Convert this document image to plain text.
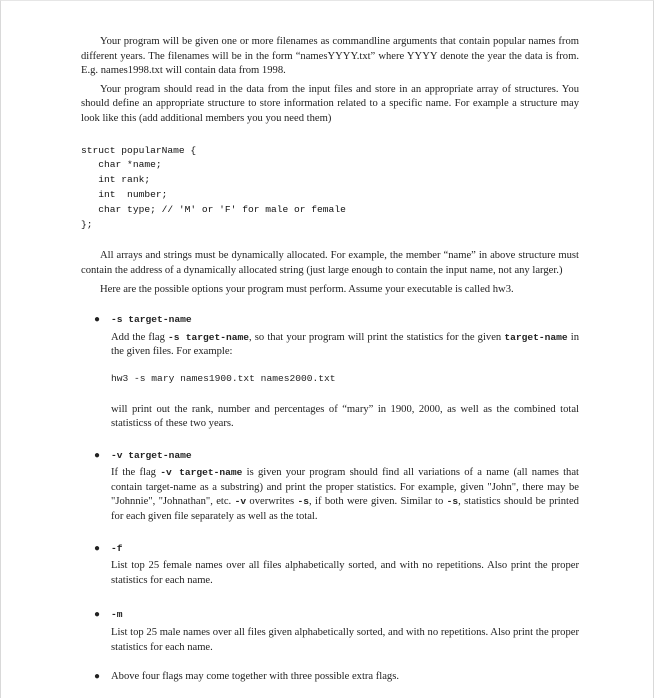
Your program will be given one or more filenames as commandline arguments that contain popular names from different years. The filenames will be in the form “namesYYYY.txt” where YYYY denote the year the data is from. E.g. names1998.txt will contain data from 1998.

Your program should read in the data from the input files and store in an appropriate array of structures. You should define an appropriate structure to store information related to a specific name. For example a structure may look like this (add additional members you you need them)

struct popularName {
char *name;
int rank;
int  number;
char type; // 'M' or 'F' for male or female
};

All arrays and strings must be dynamically allocated. For example, the member “name” in above structure must contain the address of a dynamically allocated string (just large enough to contain the input name, not any larger.)

Here are the possible options your program must perform. Assume your executable is called hw3.

● -s target-name

Add the flag -s target-name, so that your program will print the statistics for the given target-name in the given files. For example:

hw3 -s mary names1900.txt names2000.txt

will print out the rank, number and percentages of “mary” in 1900, 2000, as well as the combined total statisticss of these two years.

● -v target-name

If the flag -v target-name is given your program should find all variations of a name (all names that contain target-name as a substring) and print the proper statistics. For example, given "John", there may be "Johnnie", "Johnathan", etc. -v overwrites -s, if both were given. Similar to -s, statistics should be printed for each given file separately as well as the total.

● -f

List top 25 female names over all files alphabetically sorted, and with no repetitions. Also print the proper statistics for each name.

● -m

List top 25 male names over all files given alphabetically sorted, and with no repetitions. Also print the proper statistics for each name.

● Above four flags may come together with three possible extra flags.
